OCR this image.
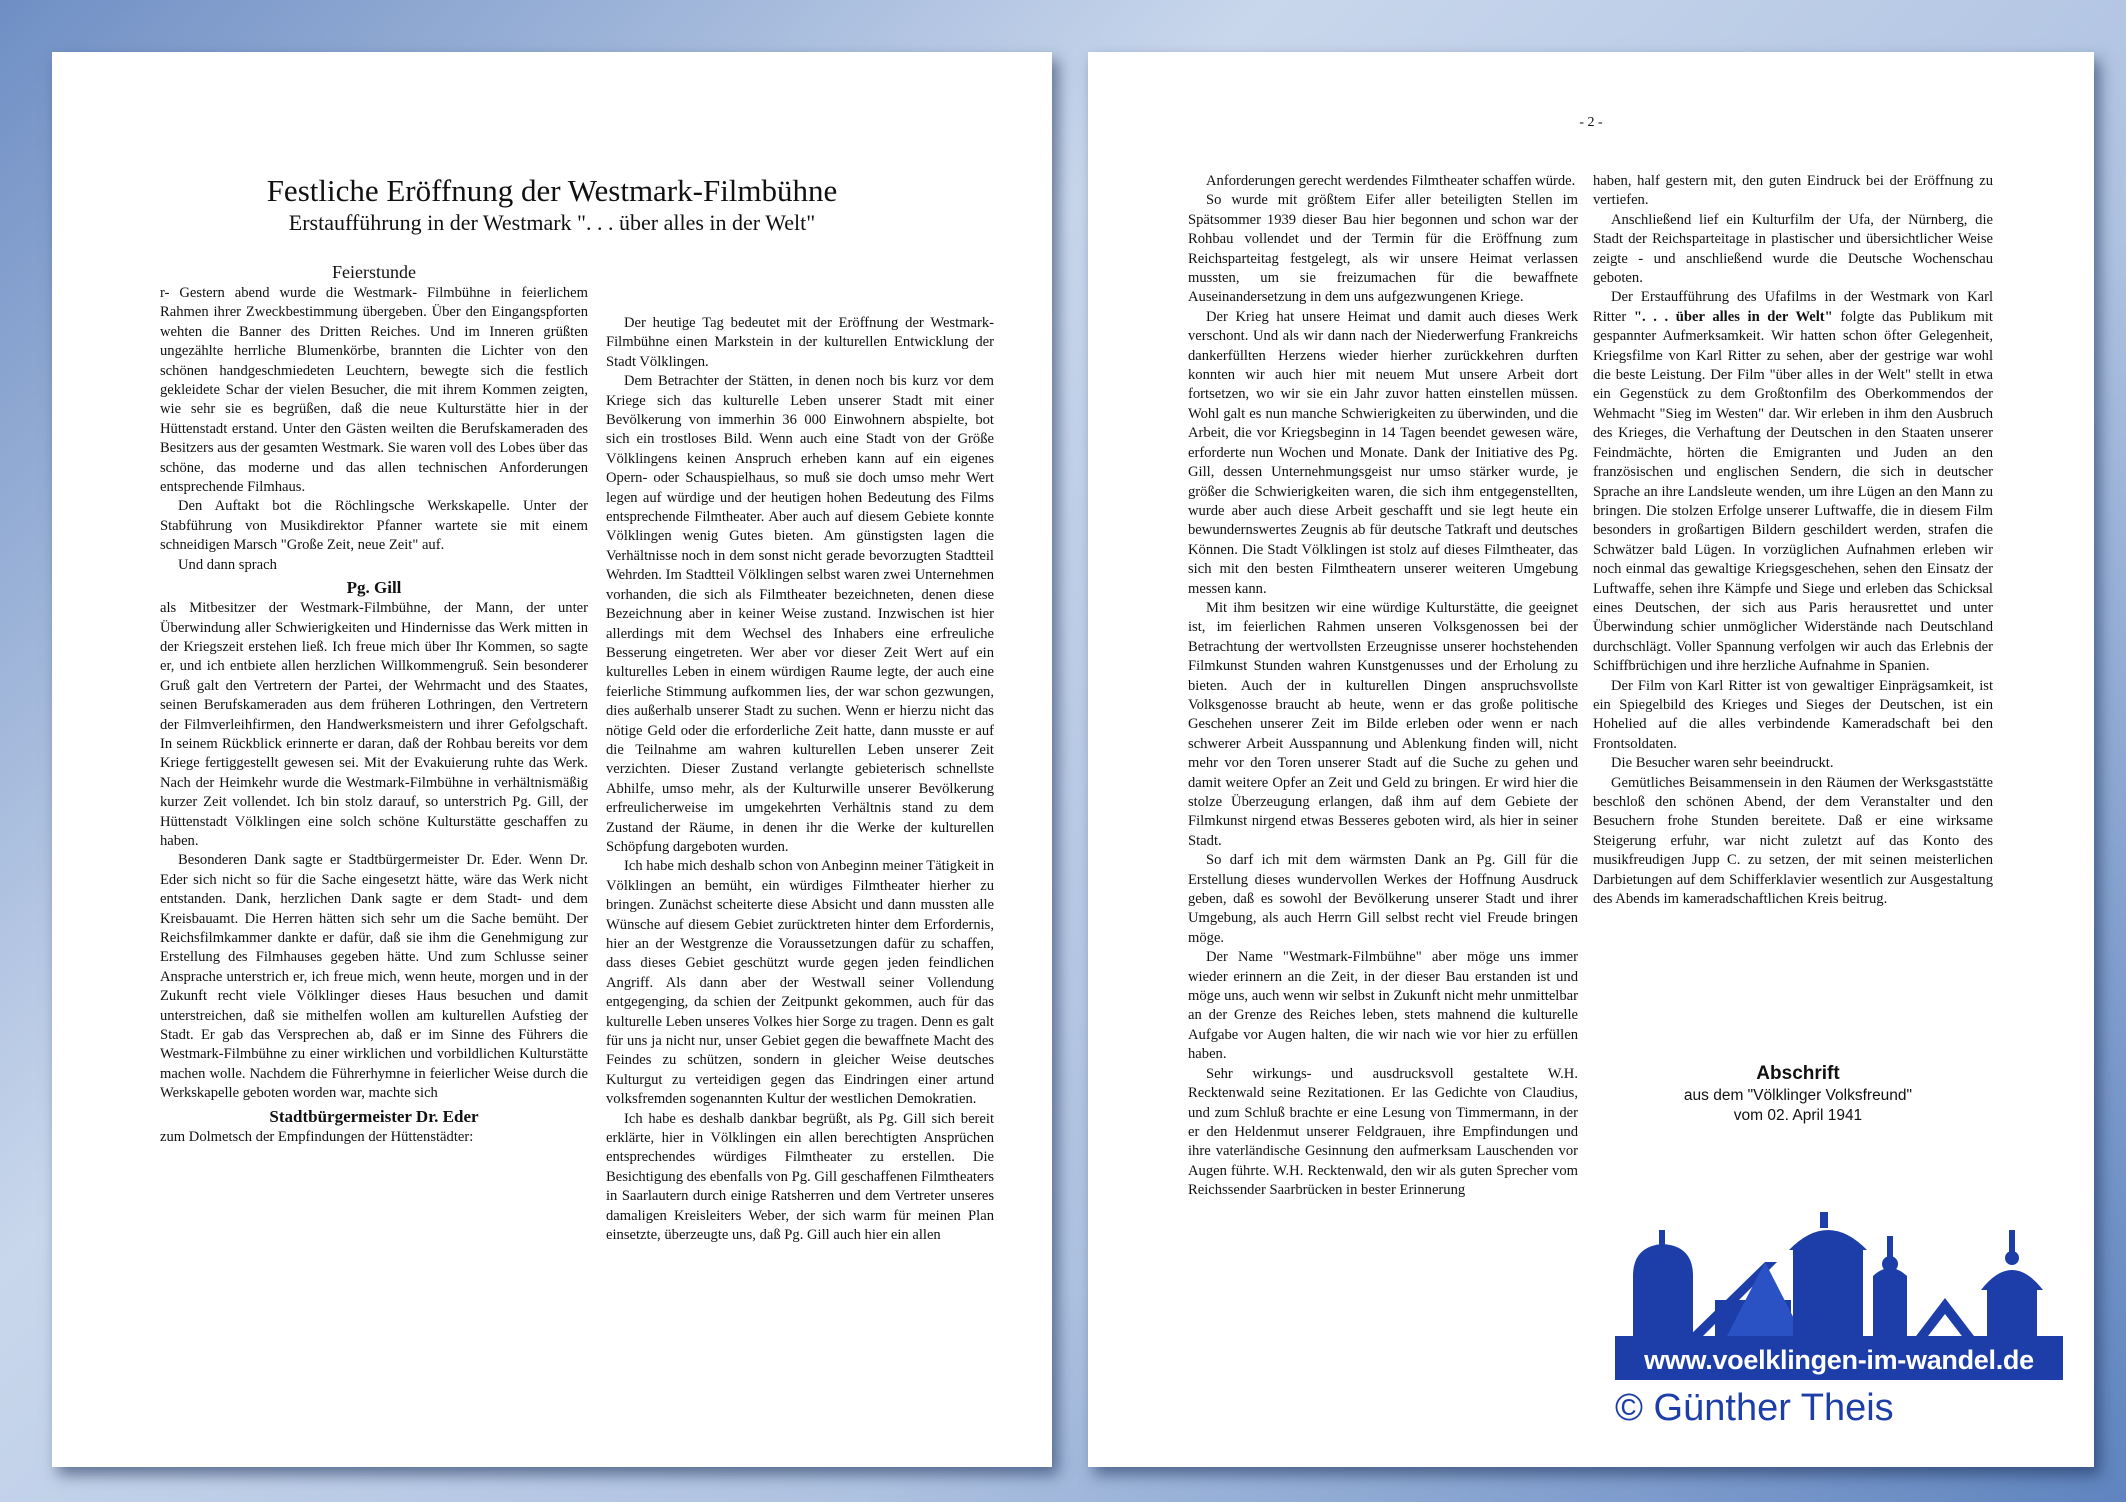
Festliche Eröffnung der Westmark-Filmbühne
Erstaufführung in der Westmark ". . . über alles in der Welt"
Feierstunde

r- Gestern abend wurde die Westmark- Filmbühne in feierlichem Rahmen ihrer Zweckbestimmung übergeben. Über den Eingangspforten wehten die Banner des Dritten Reiches. Und im Inneren grüßten ungezählte herrliche Blumenkörbe, brannten die Lichter von den schönen handgeschmiedeten Leuchtern, bewegte sich die festlich gekleidete Schar der vielen Besucher, die mit ihrem Kommen zeigten, wie sehr sie es begrüßen, daß die neue Kulturstätte hier in der Hüttenstadt erstand. Unter den Gästen weilten die Berufskameraden des Besitzers aus der gesamten Westmark. Sie waren voll des Lobes über das schöne, das moderne und das allen technischen Anforderungen entsprechende Filmhaus.

Den Auftakt bot die Röchlingsche Werkskapelle. Unter der Stabführung von Musikdirektor Pfanner wartete sie mit einem schneidigen Marsch "Große Zeit, neue Zeit" auf.

Und dann sprach

Pg. Gill

als Mitbesitzer der Westmark-Filmbühne, der Mann, der unter Überwindung aller Schwierigkeiten und Hindernisse das Werk mitten in der Kriegszeit erstehen ließ. Ich freue mich über Ihr Kommen, so sagte er, und ich entbiete allen herzlichen Willkommengruß. Sein besonderer Gruß galt den Vertretern der Partei, der Wehrmacht und des Staates, seinen Berufskameraden aus dem früheren Lothringen, den Vertretern der Filmverleihfirmen, den Handwerksmeistern und ihrer Gefolgschaft. In seinem Rückblick erinnerte er daran, daß der Rohbau bereits vor dem Kriege fertiggestellt gewesen sei. Mit der Evakuierung ruhte das Werk. Nach der Heimkehr wurde die Westmark-Filmbühne in verhältnismäßig kurzer Zeit vollendet. Ich bin stolz darauf, so unterstrich Pg. Gill, der Hüttenstadt Völklingen eine solch schöne Kulturstätte geschaffen zu haben.

Besonderen Dank sagte er Stadtbürgermeister Dr. Eder. Wenn Dr. Eder sich nicht so für die Sache eingesetzt hätte, wäre das Werk nicht entstanden. Dank, herzlichen Dank sagte er dem Stadt- und dem Kreisbauamt. Die Herren hätten sich sehr um die Sache bemüht. Der Reichsfilmkammer dankte er dafür, daß sie ihm die Genehmigung zur Erstellung des Filmhauses gegeben hätte. Und zum Schlusse seiner Ansprache unterstrich er, ich freue mich, wenn heute, morgen und in der Zukunft recht viele Völklinger dieses Haus besuchen und damit unterstreichen, daß sie mithelfen wollen am kulturellen Aufstieg der Stadt. Er gab das Versprechen ab, daß er im Sinne des Führers die Westmark-Filmbühne zu einer wirklichen und vorbildlichen Kulturstätte machen wolle. Nachdem die Führerhymne in feierlicher Weise durch die Werkskapelle geboten worden war, machte sich

Stadtbürgermeister Dr. Eder

zum Dolmetsch der Empfindungen der Hüttenstädter:

Der heutige Tag bedeutet mit der Eröffnung der Westmark-Filmbühne einen Markstein in der kulturellen Entwicklung der Stadt Völklingen.

Dem Betrachter der Stätten, in denen noch bis kurz vor dem Kriege sich das kulturelle Leben unserer Stadt mit einer Bevölkerung von immerhin 36 000 Einwohnern abspielte, bot sich ein trostloses Bild. Wenn auch eine Stadt von der Größe Völklingens keinen Anspruch erheben kann auf ein eigenes Opern- oder Schauspielhaus, so muß sie doch umso mehr Wert legen auf würdige und der heutigen hohen Bedeutung des Films entsprechende Filmtheater. Aber auch auf diesem Gebiete konnte Völklingen wenig Gutes bieten. Am günstigsten lagen die Verhältnisse noch in dem sonst nicht gerade bevorzugten Stadtteil Wehrden. Im Stadtteil Völklingen selbst waren zwei Unternehmen vorhanden, die sich als Filmtheater bezeichneten, denen diese Bezeichnung aber in keiner Weise zustand. Inzwischen ist hier allerdings mit dem Wechsel des Inhabers eine erfreuliche Besserung eingetreten. Wer aber vor dieser Zeit Wert auf ein kulturelles Leben in einem würdigen Raume legte, der auch eine feierliche Stimmung aufkommen lies, der war schon gezwungen, dies außerhalb unserer Stadt zu suchen. Wenn er hierzu nicht das nötige Geld oder die erforderliche Zeit hatte, dann musste er auf die Teilnahme am wahren kulturellen Leben unserer Zeit verzichten. Dieser Zustand verlangte gebieterisch schnellste Abhilfe, umso mehr, als der Kulturwille unserer Bevölkerung erfreulicherweise im umgekehrten Verhältnis stand zu dem Zustand der Räume, in denen ihr die Werke der kulturellen Schöpfung dargeboten wurden.

Ich habe mich deshalb schon von Anbeginn meiner Tätigkeit in Völklingen an bemüht, ein würdiges Filmtheater hierher zu bringen. Zunächst scheiterte diese Absicht und dann mussten alle Wünsche auf diesem Gebiet zurücktreten hinter dem Erfordernis, hier an der Westgrenze die Voraussetzungen dafür zu schaffen, dass dieses Gebiet geschützt wurde gegen jeden feindlichen Angriff. Als dann aber der Westwall seiner Vollendung entgegenging, da schien der Zeitpunkt gekommen, auch für das kulturelle Leben unseres Volkes hier Sorge zu tragen. Denn es galt für uns ja nicht nur, unser Gebiet gegen die bewaffnete Macht des Feindes zu schützen, sondern in gleicher Weise deutsches Kulturgut zu verteidigen gegen das Eindringen einer artund volksfremden sogenannten Kultur der westlichen Demokratien.

Ich habe es deshalb dankbar begrüßt, als Pg. Gill sich bereit erklärte, hier in Völklingen ein allen berechtigten Ansprüchen entsprechendes würdiges Filmtheater zu erstellen. Die Besichtigung des ebenfalls von Pg. Gill geschaffenen Filmtheaters in Saarlautern durch einige Ratsherren und dem Vertreter unseres damaligen Kreisleiters Weber, der sich warm für meinen Plan einsetzte, überzeugte uns, daß Pg. Gill auch hier ein allen

- 2 -

Anforderungen gerecht werdendes Filmtheater schaffen würde.

So wurde mit größtem Eifer aller beteiligten Stellen im Spätsommer 1939 dieser Bau hier begonnen und schon war der Rohbau vollendet und der Termin für die Eröffnung zum Reichsparteitag festgelegt, als wir unsere Heimat verlassen mussten, um sie freizumachen für die bewaffnete Auseinandersetzung in dem uns aufgezwungenen Kriege.

Der Krieg hat unsere Heimat und damit auch dieses Werk verschont. Und als wir dann nach der Niederwerfung Frankreichs dankerfüllten Herzens wieder hierher zurückkehren durften konnten wir auch hier mit neuem Mut unsere Arbeit dort fortsetzen, wo wir sie ein Jahr zuvor hatten einstellen müssen. Wohl galt es nun manche Schwierigkeiten zu überwinden, und die Arbeit, die vor Kriegsbeginn in 14 Tagen beendet gewesen wäre, erforderte nun Wochen und Monate. Dank der Initiative des Pg. Gill, dessen Unternehmungsgeist nur umso stärker wurde, je größer die Schwierigkeiten waren, die sich ihm entgegenstellten, wurde aber auch diese Arbeit geschafft und sie legt heute ein bewundernswertes Zeugnis ab für deutsche Tatkraft und deutsches Können. Die Stadt Völklingen ist stolz auf dieses Filmtheater, das sich mit den besten Filmtheatern unserer weiteren Umgebung messen kann.

Mit ihm besitzen wir eine würdige Kulturstätte, die geeignet ist, im feierlichen Rahmen unseren Volksgenossen bei der Betrachtung der wertvollsten Erzeugnisse unserer hochstehenden Filmkunst Stunden wahren Kunstgenusses und der Erholung zu bieten. Auch der in kulturellen Dingen anspruchsvollste Volksgenosse braucht ab heute, wenn er das große politische Geschehen unserer Zeit im Bilde erleben oder wenn er nach schwerer Arbeit Ausspannung und Ablenkung finden will, nicht mehr vor den Toren unserer Stadt auf die Suche zu gehen und damit weitere Opfer an Zeit und Geld zu bringen. Er wird hier die stolze Überzeugung erlangen, daß ihm auf dem Gebiete der Filmkunst nirgend etwas Besseres geboten wird, als hier in seiner Stadt.

So darf ich mit dem wärmsten Dank an Pg. Gill für die Erstellung dieses wundervollen Werkes der Hoffnung Ausdruck geben, daß es sowohl der Bevölkerung unserer Stadt und ihrer Umgebung, als auch Herrn Gill selbst recht viel Freude bringen möge.

Der Name "Westmark-Filmbühne" aber möge uns immer wieder erinnern an die Zeit, in der dieser Bau erstanden ist und möge uns, auch wenn wir selbst in Zukunft nicht mehr unmittelbar an der Grenze des Reiches leben, stets mahnend die kulturelle Aufgabe vor Augen halten, die wir nach wie vor hier zu erfüllen haben.

Sehr wirkungs- und ausdrucksvoll gestaltete W.H. Recktenwald seine Rezitationen. Er las Gedichte von Claudius, und zum Schluß brachte er eine Lesung von Timmermann, in der er den Heldenmut unserer Feldgrauen, ihre Empfindungen und ihre vaterländische Gesinnung den aufmerksam Lauschenden vor Augen führte. W.H. Recktenwald, den wir als guten Sprecher vom Reichssender Saarbrücken in bester Erinnerung

haben, half gestern mit, den guten Eindruck bei der Eröffnung zu vertiefen.

Anschließend lief ein Kulturfilm der Ufa, der Nürnberg, die Stadt der Reichsparteitage in plastischer und übersichtlicher Weise zeigte - und anschließend wurde die Deutsche Wochenschau geboten.

Der Erstaufführung des Ufafilms in der Westmark von Karl Ritter ". . . über alles in der Welt" folgte das Publikum mit gespannter Aufmerksamkeit. Wir hatten schon öfter Gelegenheit, Kriegsfilme von Karl Ritter zu sehen, aber der gestrige war wohl die beste Leistung. Der Film "über alles in der Welt" stellt in etwa ein Gegenstück zu dem Großtonfilm des Oberkommendos der Wehmacht "Sieg im Westen" dar. Wir erleben in ihm den Ausbruch des Krieges, die Verhaftung der Deutschen in den Staaten unserer Feindmächte, hörten die Emigranten und Juden an den französischen und englischen Sendern, die sich in deutscher Sprache an ihre Landsleute wenden, um ihre Lügen an den Mann zu bringen. Die stolzen Erfolge unserer Luftwaffe, die in diesem Film besonders in großartigen Bildern geschildert werden, strafen die Schwätzer bald Lügen. In vorzüglichen Aufnahmen erleben wir noch einmal das gewaltige Kriegsgeschehen, sehen den Einsatz der Luftwaffe, sehen ihre Kämpfe und Siege und erleben das Schicksal eines Deutschen, der sich aus Paris herausrettet und unter Überwindung schier unmöglicher Widerstände nach Deutschland durchschlägt. Voller Spannung verfolgen wir auch das Erlebnis der Schiffbrüchigen und ihre herzliche Aufnahme in Spanien.

Der Film von Karl Ritter ist von gewaltiger Einprägsamkeit, ist ein Spiegelbild des Krieges und Sieges der Deutschen, ist ein Hohelied auf die alles verbindende Kameradschaft bei den Frontsoldaten.

Die Besucher waren sehr beeindruckt.

Gemütliches Beisammensein in den Räumen der Werksgaststätte beschloß den schönen Abend, der dem Veranstalter und den Besuchern frohe Stunden bereitete. Daß er eine wirksame Steigerung erfuhr, war nicht zuletzt auf das Konto des musikfreudigen Jupp C. zu setzen, der mit seinen meisterlichen Darbietungen auf dem Schifferklavier wesentlich zur Ausgestaltung des Abends im kameradschaftlichen Kreis beitrug.

Abschrift
aus dem "Völklinger Volksfreund"
vom 02. April 1941
www.voelklingen-im-wandel.de
© Günther Theis
